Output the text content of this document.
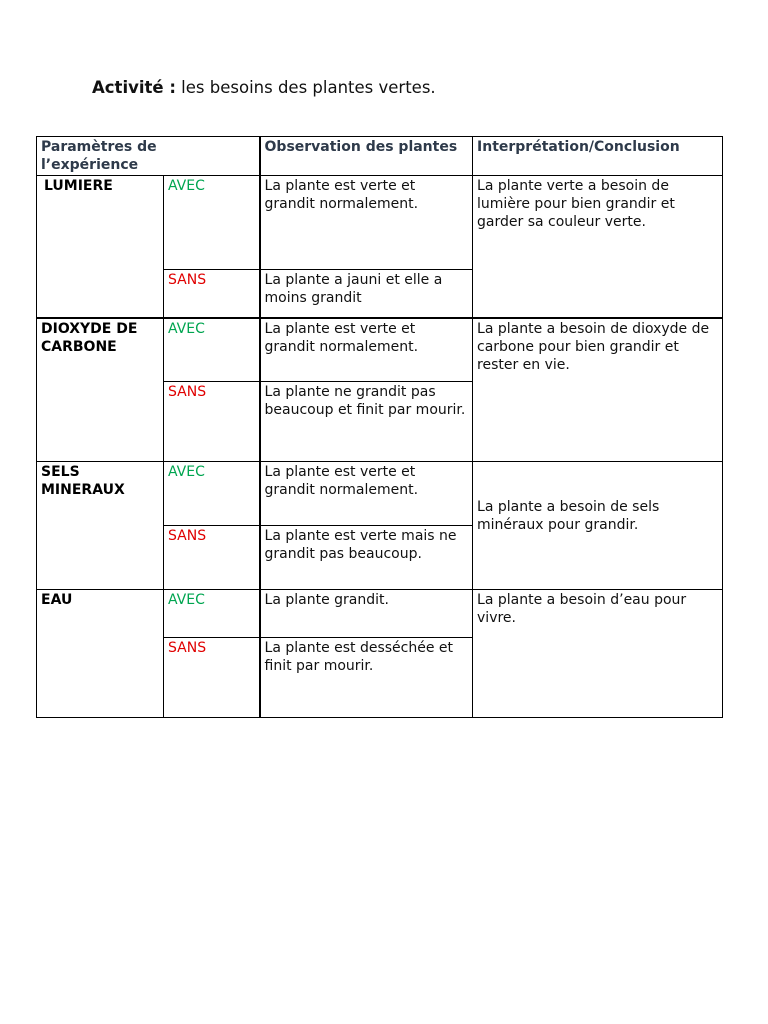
Activité : les besoins des plantes vertes.
Paramètres de l’expérience		Observation des plantes	Interprétation/Conclusion
LUMIERE	AVEC	La plante est verte et grandit normalement.	La plante verte a besoin de lumière pour bien grandir et garder sa couleur verte.
	SANS	La plante a jauni et elle a moins grandit	
DIOXYDE DE CARBONE	AVEC	La plante est verte et grandit normalement.	La plante a besoin de dioxyde de carbone pour bien grandir et rester en vie.
	SANS	La plante ne grandit pas beaucoup et finit par mourir.	
SELS MINERAUX	AVEC	La plante est verte et grandit normalement.	La plante a besoin de sels minéraux pour grandir.
	SANS	La plante est verte mais ne grandit pas beaucoup.	
EAU	AVEC	La plante grandit.	La plante a besoin d’eau pour vivre.
	SANS	La plante est desséchée et finit par mourir.	
